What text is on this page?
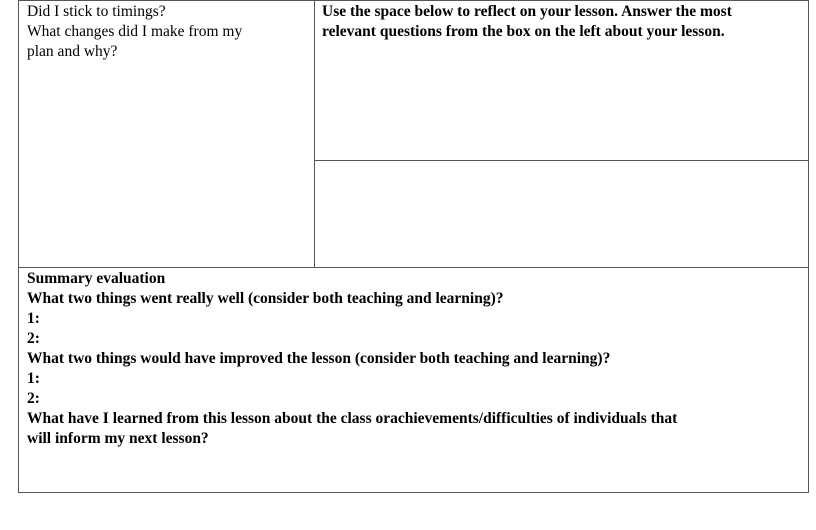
Did I stick to timings?
What changes did I make from my
plan and why?
Use the space below to reflect on your lesson. Answer the most
relevant questions from the box on the left about your lesson.
Summary evaluation
What two things went really well (consider both teaching and learning)?
1:
2:
What two things would have improved the lesson (consider both teaching and learning)?
1:
2:
What have I learned from this lesson about the class orachievements/difficulties of individuals that
will inform my next lesson?
